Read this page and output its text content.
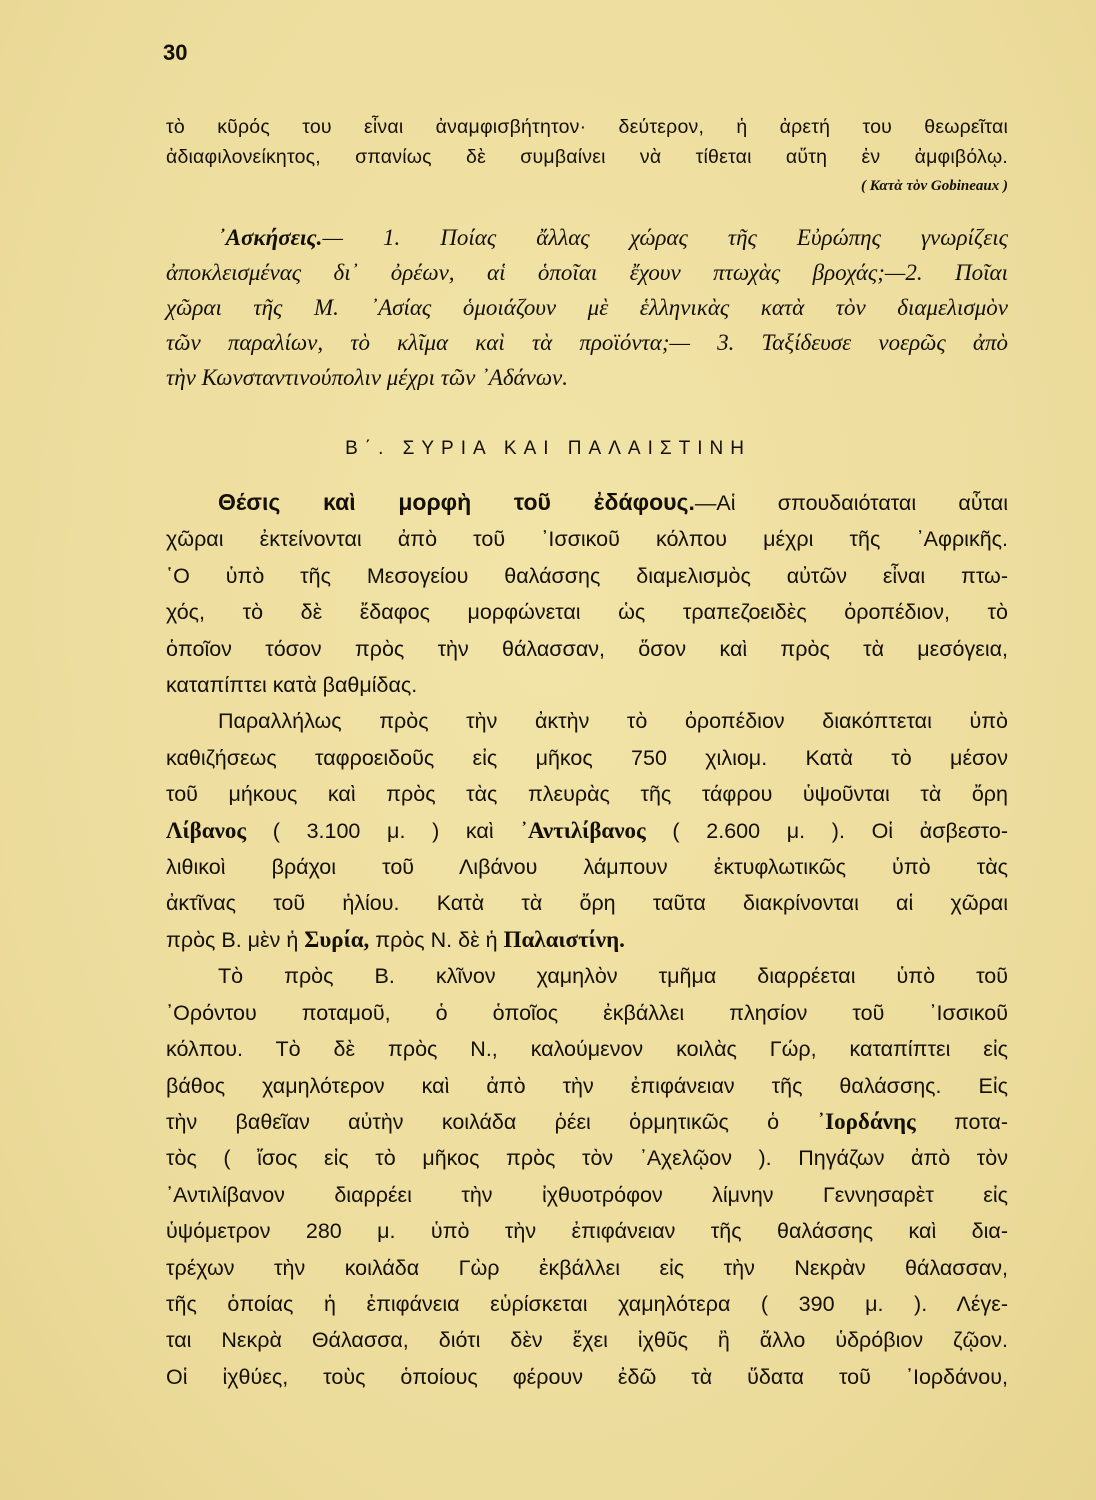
30
τὸ κῦρός του εἶναι ἀναμφισβήτητον· δεύτερον, ἡ ἀρετή του θεωρεῖται
ἀδιαφιλονείκητος, σπανίως δὲ συμβαίνει νὰ τίθεται αὕτη ἐν ἀμφιβόλῳ.
( Κατὰ τὸν Gobineaux )
᾿Ασκήσεις.— 1. Ποίας ἄλλας χώρας τῆς Εὐρώπης γνωρίζεις
ἀποκλεισμένας δι᾿ ὀρέων, αἱ ὁποῖαι ἔχουν πτωχὰς βροχάς;—2. Ποῖαι
χῶραι τῆς Μ. ᾿Ασίας ὁμοιάζουν μὲ ἑλληνικὰς κατὰ τὸν διαμελισμὸν
τῶν παραλίων, τὸ κλῖμα καὶ τὰ προϊόντα;— 3. Ταξίδευσε νοερῶς ἀπὸ
τὴν Κωνσταντινούπολιν μέχρι τῶν ᾿Αδάνων.
Β΄. ΣΥΡΙΑ ΚΑΙ ΠΑΛΑΙΣΤΙΝΗ
Θέσις καὶ μορφὴ τοῦ ἐδάφους.—Αἱ σπουδαιόταται αὗται
χῶραι ἐκτείνονται ἀπὸ τοῦ ᾿Ισσικοῦ κόλπου μέχρι τῆς ᾿Αφρικῆς.
῾Ο ὑπὸ τῆς Μεσογείου θαλάσσης διαμελισμὸς αὐτῶν εἶναι πτω-
χός, τὸ δὲ ἔδαφος μορφώνεται ὡς τραπεζοειδὲς ὀροπέδιον, τὸ
ὁποῖον τόσον πρὸς τὴν θάλασσαν, ὅσον καὶ πρὸς τὰ μεσόγεια,
καταπίπτει κατὰ βαθμίδας.
Παραλλήλως πρὸς τὴν ἀκτὴν τὸ ὀροπέδιον διακόπτεται ὑπὸ
καθιζήσεως ταφροειδοῦς εἰς μῆκος 750 χιλιομ. Κατὰ τὸ μέσον
τοῦ μήκους καὶ πρὸς τὰς πλευρὰς τῆς τάφρου ὑψοῦνται τὰ ὄρη
Λίβανος ( 3.100 μ. ) καὶ ᾿Αντιλίβανος ( 2.600 μ. ). Οἱ ἀσβεστο-
λιθικοὶ βράχοι τοῦ Λιβάνου λάμπουν ἐκτυφλωτικῶς ὑπὸ τὰς
ἀκτῖνας τοῦ ἡλίου. Κατὰ τὰ ὄρη ταῦτα διακρίνονται αἱ χῶραι
πρὸς Β. μὲν ἡ Συρία, πρὸς Ν. δὲ ἡ Παλαιστίνη.
Τὸ πρὸς Β. κλῖνον χαμηλὸν τμῆμα διαρρέεται ὑπὸ τοῦ
᾿Ορόντου ποταμοῦ, ὁ ὁποῖος ἐκβάλλει πλησίον τοῦ ᾿Ισσικοῦ
κόλπου. Τὸ δὲ πρὸς Ν., καλούμενον κοιλὰς Γώρ, καταπίπτει εἰς
βάθος χαμηλότερον καὶ ἀπὸ τὴν ἐπιφάνειαν τῆς θαλάσσης. Εἰς
τὴν βαθεῖαν αὐτὴν κοιλάδα ῥέει ὁρμητικῶς ὁ ᾿Ιορδάνης ποτα-
τὸς ( ἴσος εἰς τὸ μῆκος πρὸς τὸν ᾿Αχελῷον ). Πηγάζων ἀπὸ τὸν
᾿Αντιλίβανον διαρρέει τὴν ἰχθυοτρόφον λίμνην Γεννησαρὲτ εἰς
ὑψόμετρον 280 μ. ὑπὸ τὴν ἐπιφάνειαν τῆς θαλάσσης καὶ δια-
τρέχων τὴν κοιλάδα Γὼρ ἐκβάλλει εἰς τὴν Νεκρὰν θάλασσαν,
τῆς ὁποίας ἡ ἐπιφάνεια εὑρίσκεται χαμηλότερα ( 390 μ. ). Λέγε-
ται Νεκρὰ Θάλασσα, διότι δὲν ἔχει ἰχθῦς ἢ ἄλλο ὑδρόβιον ζῷον.
Οἱ ἰχθύες, τοὺς ὁποίους φέρουν ἐδῶ τὰ ὕδατα τοῦ ᾿Ιορδάνου,
